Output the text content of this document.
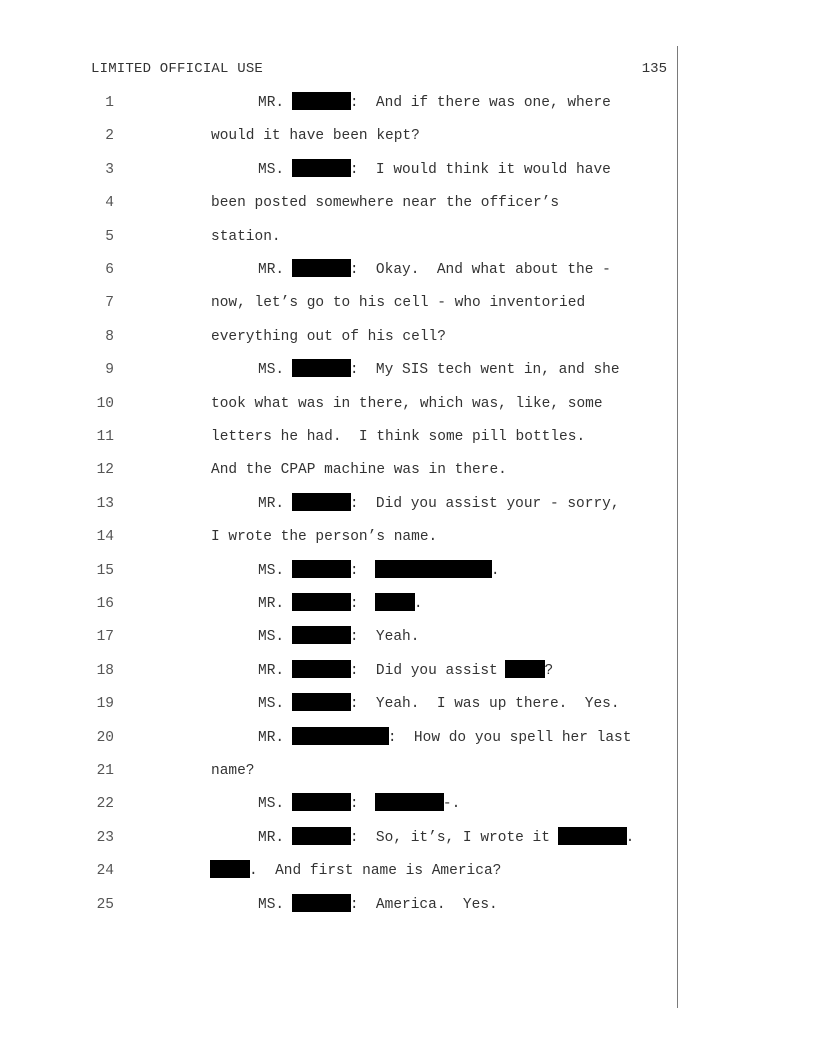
LIMITED OFFICIAL USE	135
1	MR.	:  And if there was one, where
2	would it have been kept?
3	MS.	:  I would think it would have
4	been posted somewhere near the officer’s
5	station.
6	MR.	:  Okay.  And what about the -
7	now, let’s go to his cell - who inventoried
8	everything out of his cell?
9	MS.	:  My SIS tech went in, and she
10	took what was in there, which was, like, some
11	letters he had.  I think some pill bottles.
12	And the CPAP machine was in there.
13	MR.	:  Did you assist your - sorry,
14	I wrote the person’s name.
15	MS.	:	.
16	MR.	:	.
17	MS.	:  Yeah.
18	MR.	:  Did you assist	?
19	MS.	:  Yeah.  I was up there.  Yes.
20	MR.	:  How do you spell her last
21	name?
22	MS.	:	-.
23	MR.	:  So, it’s, I wrote it	.
24	.  And first name is America?
25	MS.	:  America.  Yes.
